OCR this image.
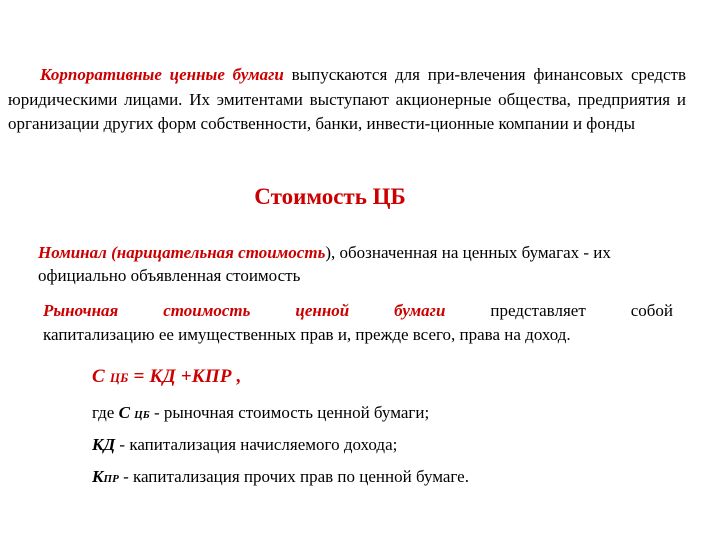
Корпоративные ценные бумаги выпускаются для при-влечения финансовых средств юридическими лицами. Их эмитентами выступают акционерные общества, предприятия и организации других форм собственности, банки, инвести-ционные компании и фонды
Стоимость ЦБ
Номинал (нарицательная стоимость), обозначенная на ценных бумагах - их официально объявленная стоимость
Рыночная стоимость ценной бумаги представляет собой
капитализацию ее имущественных прав и, прежде всего, права на доход.
С ЦБ = КД +КПР ,
где С ЦБ - рыночная стоимость ценной бумаги;
КД - капитализация начисляемого дохода;
КПР - капитализация прочих прав по ценной бумаге.
